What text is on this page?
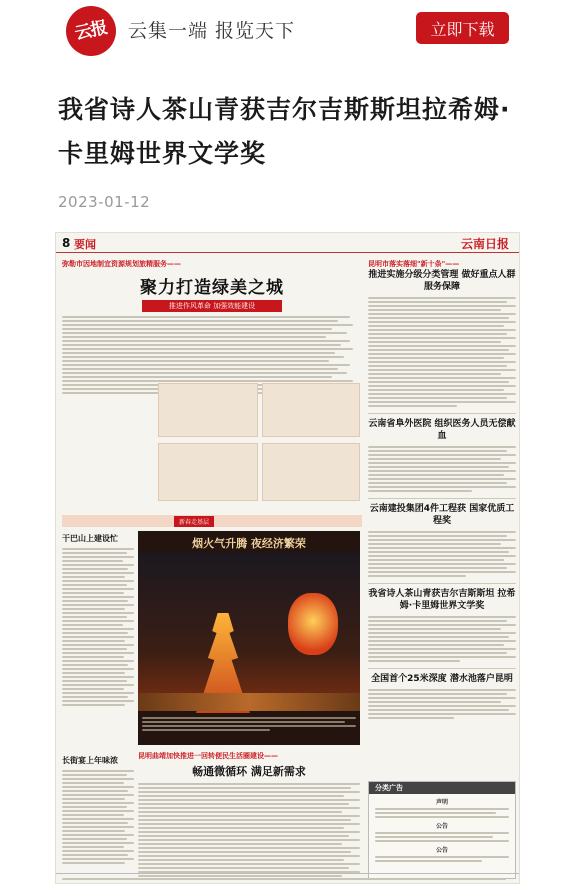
云报 云集一端 报览天下	立即下载
我省诗人茶山青获吉尔吉斯斯坦拉希姆·卡里姆世界文学奖
2023-01-12
8 要闻	云南日报
弥勒市因地制宜资源规划旅精服务——
聚力打造绿美之城
推进作风革命 加强效能建设
新春走基层
干巴山上建设忙	烟火气升腾 夜经济繁荣
长街宴上年味浓	昆明曲靖加快推进一回转便民生活圈建设——
畅通微循环 满足新需求
昆明市落实落细"新十条"——
推进实施分级分类管理 做好重点人群服务保障
云南省阜外医院 组织医务人员无偿献血
云南建投集团4件工程获 国家优质工程奖
我省诗人茶山青获吉尔吉斯斯坦 拉希姆·卡里姆世界文学奖
全国首个25米深度 潜水池落户昆明
分类广告
声明
公告
公告
